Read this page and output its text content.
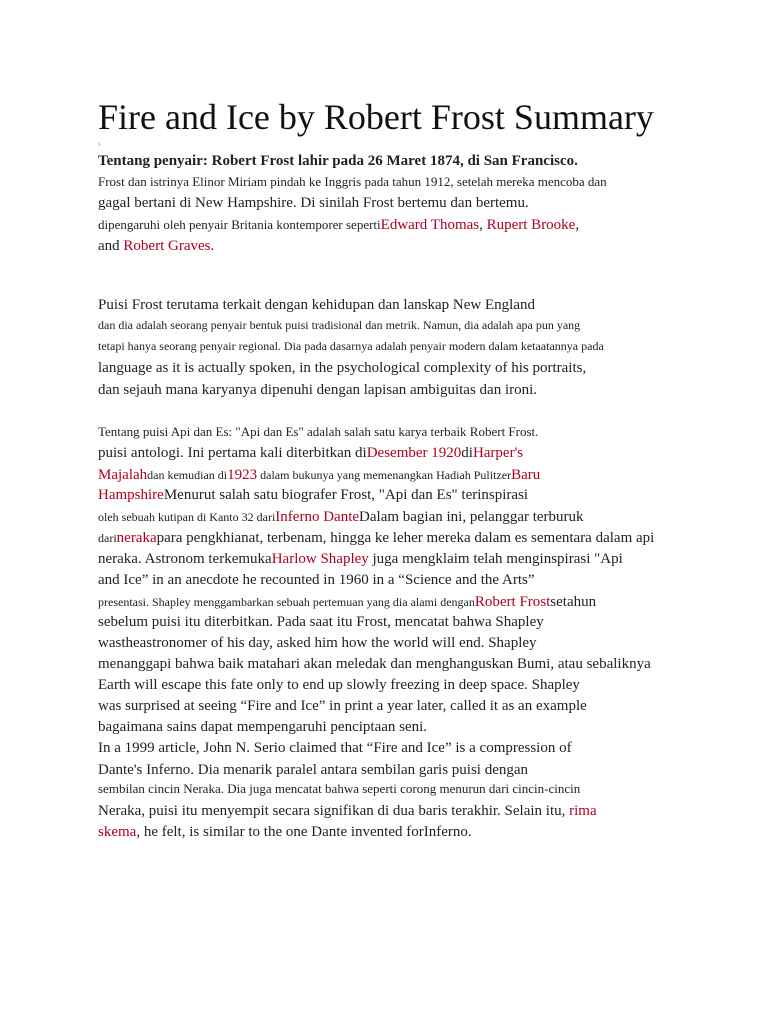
Fire and Ice by Robert Frost Summary
s
Tentang penyair: Robert Frost lahir pada 26 Maret 1874, di San Francisco.
Frost dan istrinya Elinor Miriam pindah ke Inggris pada tahun 1912, setelah mereka mencoba dan
gagal bertani di New Hampshire. Di sinilah Frost bertemu dan bertemu.
dipengaruhi oleh penyair Britania kontemporer sepertiEdward Thomas, Rupert Brooke,
and Robert Graves.
Puisi Frost terutama terkait dengan kehidupan dan lanskap New England
dan dia adalah seorang penyair bentuk puisi tradisional dan metrik. Namun, dia adalah apa pun yang
tetapi hanya seorang penyair regional. Dia pada dasarnya adalah penyair modern dalam ketaatannya pada
language as it is actually spoken, in the psychological complexity of his portraits,
dan sejauh mana karyanya dipenuhi dengan lapisan ambiguitas dan ironi.
Tentang puisi Api dan Es: "Api dan Es" adalah salah satu karya terbaik Robert Frost.
puisi antologi. Ini pertama kali diterbitkan diDesember 1920diHarper's
Majalahdan kemudian di1923 dalam bukunya yang memenangkan Hadiah PulitzerBaru
HampshireMenurut salah satu biografer Frost, "Api dan Es" terinspirasi
oleh sebuah kutipan di Kanto 32 dariInferno DanteDalam bagian ini, pelanggar terburuk
darinerakapara pengkhianat, terbenam, hingga ke leher mereka dalam es sementara dalam api
neraka. Astronom terkemukaHarlow Shapley juga mengklaim telah menginspirasi "Api
and Ice” in an anecdote he recounted in 1960 in a “Science and the Arts”
presentasi. Shapley menggambarkan sebuah pertemuan yang dia alami denganRobert Frostsetahun
sebelum puisi itu diterbitkan. Pada saat itu Frost, mencatat bahwa Shapley
wastheastronomer of his day, asked him how the world will end. Shapley
menanggapi bahwa baik matahari akan meledak dan menghanguskan Bumi, atau sebaliknya
Earth will escape this fate only to end up slowly freezing in deep space. Shapley
was surprised at seeing “Fire and Ice” in print a year later, called it as an example
bagaimana sains dapat mempengaruhi penciptaan seni.
In a 1999 article, John N. Serio claimed that “Fire and Ice” is a compression of
Dante's Inferno. Dia menarik paralel antara sembilan garis puisi dengan
sembilan cincin Neraka. Dia juga mencatat bahwa seperti corong menurun dari cincin-cincin
Neraka, puisi itu menyempit secara signifikan di dua baris terakhir. Selain itu, rima
skema, he felt, is similar to the one Dante invented forInferno.
